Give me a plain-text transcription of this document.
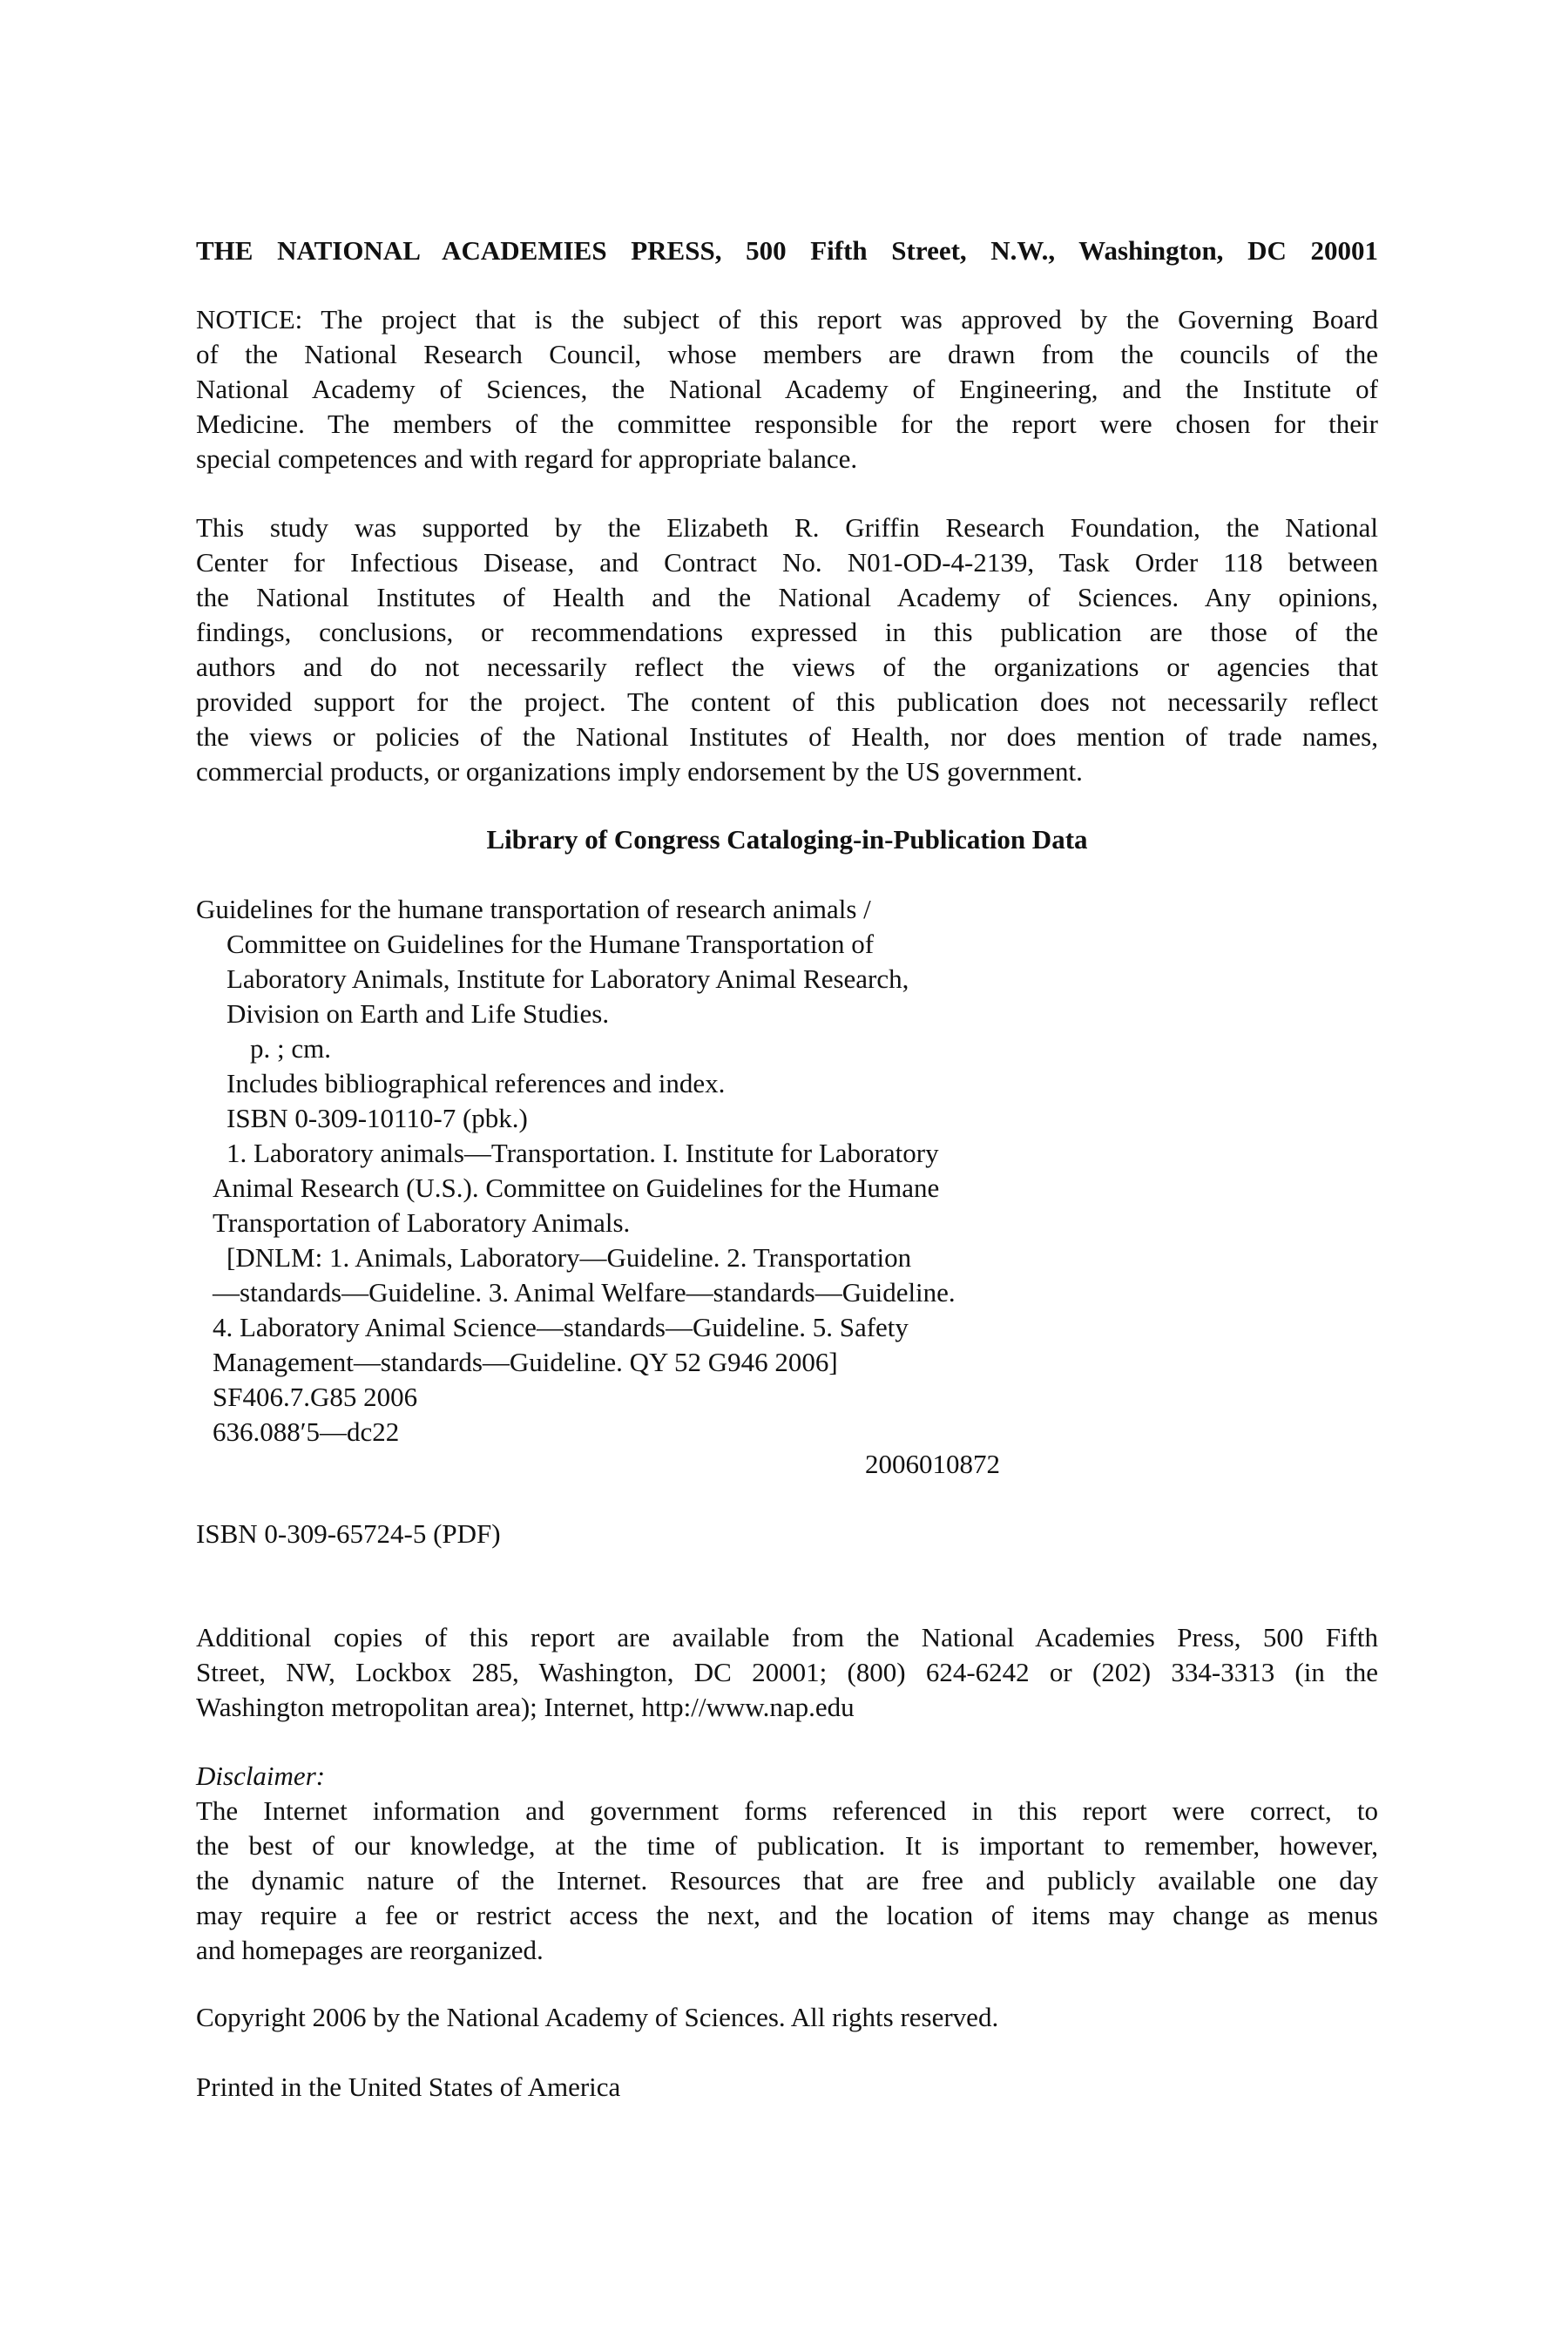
THE NATIONAL ACADEMIES PRESS, 500 Fifth Street, N.W., Washington, DC 20001
NOTICE: The project that is the subject of this report was approved by the Governing Board
of the National Research Council, whose members are drawn from the councils of the
National Academy of Sciences, the National Academy of Engineering, and the Institute of
Medicine. The members of the committee responsible for the report were chosen for their
special competences and with regard for appropriate balance.
This study was supported by the Elizabeth R. Griffin Research Foundation, the National
Center for Infectious Disease, and Contract No. N01-OD-4-2139, Task Order 118 between
the National Institutes of Health and the National Academy of Sciences. Any opinions,
findings, conclusions, or recommendations expressed in this publication are those of the
authors and do not necessarily reflect the views of the organizations or agencies that
provided support for the project. The content of this publication does not necessarily reflect
the views or policies of the National Institutes of Health, nor does mention of trade names,
commercial products, or organizations imply endorsement by the US government.
Library of Congress Cataloging-in-Publication Data
Guidelines for the humane transportation of research animals /
Committee on Guidelines for the Humane Transportation of
Laboratory Animals, Institute for Laboratory Animal Research,
Division on Earth and Life Studies.
p. ; cm.
Includes bibliographical references and index.
ISBN 0-309-10110-7 (pbk.)
1. Laboratory animals—Transportation. I. Institute for Laboratory
Animal Research (U.S.). Committee on Guidelines for the Humane
Transportation of Laboratory Animals.
[DNLM: 1. Animals, Laboratory—Guideline. 2. Transportation
—standards—Guideline. 3. Animal Welfare—standards—Guideline.
4. Laboratory Animal Science—standards—Guideline. 5. Safety
Management—standards—Guideline. QY 52 G946 2006]
SF406.7.G85 2006
636.088′5—dc22
2006010872
ISBN 0-309-65724-5 (PDF)
Additional copies of this report are available from the National Academies Press, 500 Fifth
Street, NW, Lockbox 285, Washington, DC 20001; (800) 624-6242 or (202) 334-3313 (in the
Washington metropolitan area); Internet, http://www.nap.edu
Disclaimer:
The Internet information and government forms referenced in this report were correct, to
the best of our knowledge, at the time of publication. It is important to remember, however,
the dynamic nature of the Internet. Resources that are free and publicly available one day
may require a fee or restrict access the next, and the location of items may change as menus
and homepages are reorganized.
Copyright 2006 by the National Academy of Sciences. All rights reserved.
Printed in the United States of America
